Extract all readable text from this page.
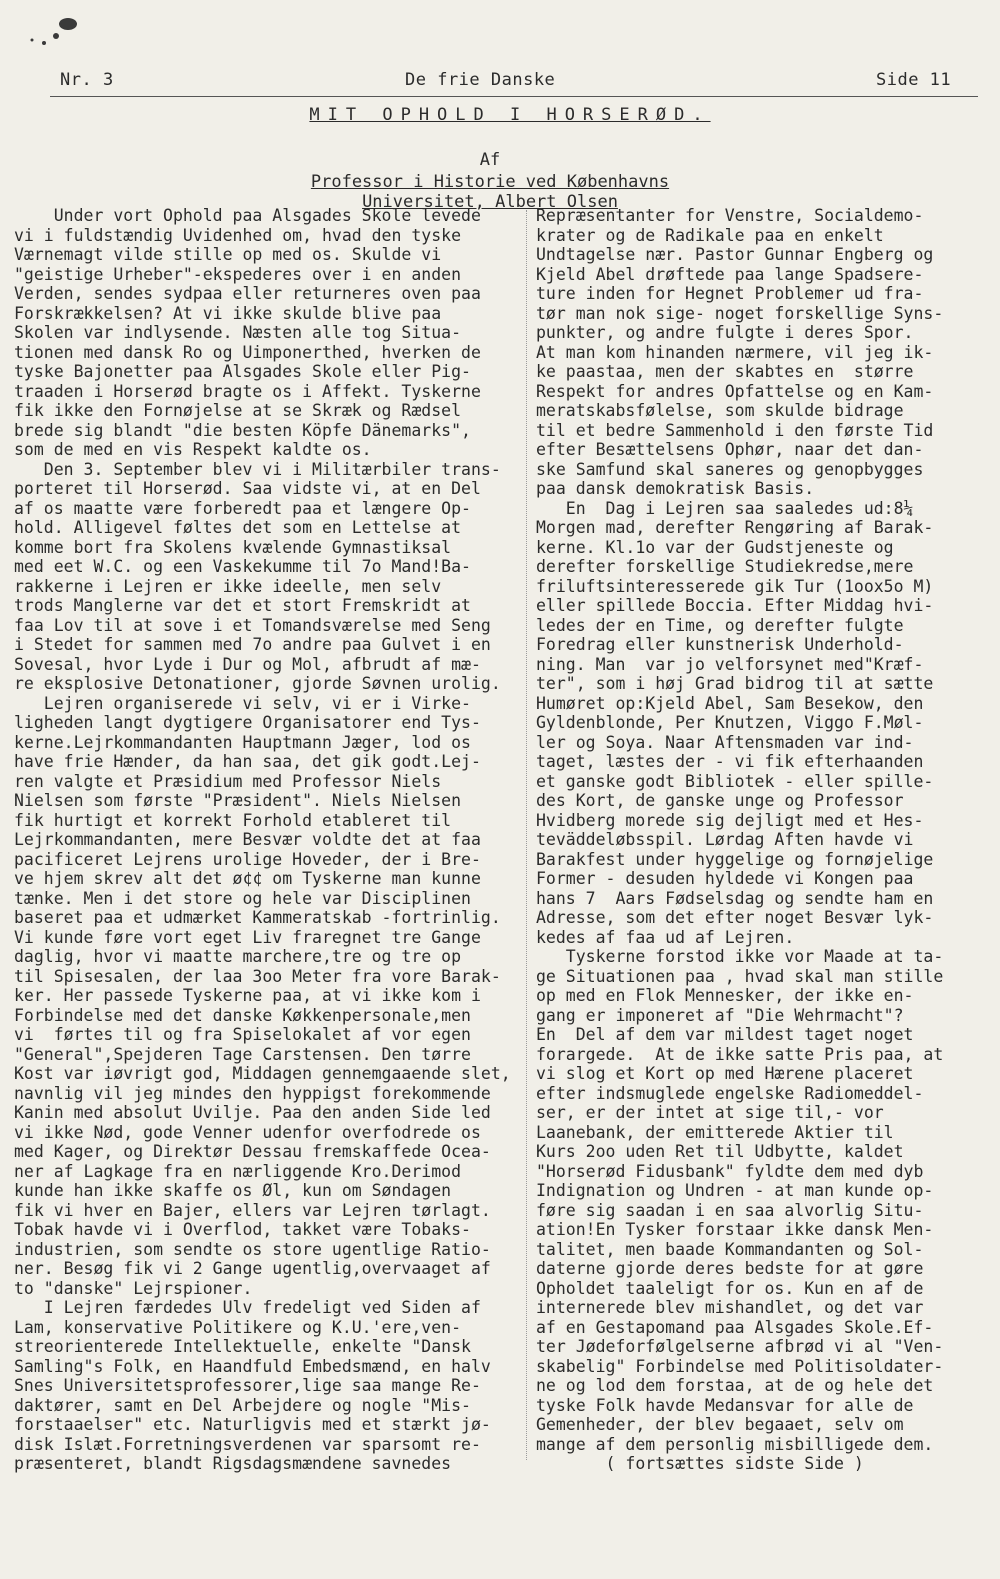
Nr. 3	De frie Danske	Side 11
MIT OPHOLD I HORSERØD.
Af
Professor i Historie ved Københavns
Universitet, Albert Olsen
Under vort Ophold paa Alsgades Skole levede
vi i fuldstændig Uvidenhed om, hvad den tyske
Værnemagt vilde stille op med os. Skulde vi
"geistige Urheber"-ekspederes over i en anden
Verden, sendes sydpaa eller returneres oven paa
Forskrækkelsen? At vi ikke skulde blive paa
Skolen var indlysende. Næsten alle tog Situa-
tionen med dansk Ro og Uimponerthed, hverken de
tyske Bajonetter paa Alsgades Skole eller Pig-
traaden i Horserød bragte os i Affekt. Tyskerne
fik ikke den Fornøjelse at se Skræk og Rædsel
brede sig blandt "die besten Köpfe Dänemarks",
som de med en vis Respekt kaldte os.
Den 3. September blev vi i Militærbiler trans-
porteret til Horserød. Saa vidste vi, at en Del
af os maatte være forberedt paa et længere Op-
hold. Alligevel føltes det som en Lettelse at
komme bort fra Skolens kvælende Gymnastiksal
med eet W.C. og een Vaskekumme til 7o Mand!Ba-
rakkerne i Lejren er ikke ideelle, men selv
trods Manglerne var det et stort Fremskridt at
faa Lov til at sove i et Tomandsværelse med Seng
i Stedet for sammen med 7o andre paa Gulvet i en
Sovesal, hvor Lyde i Dur og Mol, afbrudt af mæ-
re eksplosive Detonationer, gjorde Søvnen urolig.
Lejren organiserede vi selv, vi er i Virke-
ligheden langt dygtigere Organisatorer end Tys-
kerne.Lejrkommandanten Hauptmann Jæger, lod os
have frie Hænder, da han saa, det gik godt.Lej-
ren valgte et Præsidium med Professor Niels
Nielsen som første "Præsident". Niels Nielsen
fik hurtigt et korrekt Forhold etableret til
Lejrkommandanten, mere Besvær voldte det at faa
pacificeret Lejrens urolige Hoveder, der i Bre-
ve hjem skrev alt det ø¢¢ om Tyskerne man kunne
tænke. Men i det store og hele var Disciplinen
baseret paa et udmærket Kammeratskab -fortrinlig.
Vi kunde føre vort eget Liv fraregnet tre Gange
daglig, hvor vi maatte marchere,tre og tre op
til Spisesalen, der laa 3oo Meter fra vore Barak-
ker. Her passede Tyskerne paa, at vi ikke kom i
Forbindelse med det danske Køkkenpersonale,men
vi  førtes til og fra Spiselokalet af vor egen
"General",Spejderen Tage Carstensen. Den tørre
Kost var iøvrigt god, Middagen gennemgaaende slet,
navnlig vil jeg mindes den hyppigst forekommende
Kanin med absolut Uvilje. Paa den anden Side led
vi ikke Nød, gode Venner udenfor overfodrede os
med Kager, og Direktør Dessau fremskaffede Ocea-
ner af Lagkage fra en nærliggende Kro.Derimod
kunde han ikke skaffe os Øl, kun om Søndagen
fik vi hver en Bajer, ellers var Lejren tørlagt.
Tobak havde vi i Overflod, takket være Tobaks-
industrien, som sendte os store ugentlige Ratio-
ner. Besøg fik vi 2 Gange ugentlig,overvaaget af
to "danske" Lejrspioner.
I Lejren færdedes Ulv fredeligt ved Siden af
Lam, konservative Politikere og K.U.'ere,ven-
streorienterede Intellektuelle, enkelte "Dansk
Samling"s Folk, en Haandfuld Embedsmænd, en halv
Snes Universitetsprofessorer,lige saa mange Re-
daktører, samt en Del Arbejdere og nogle "Mis-
forstaaelser" etc. Naturligvis med et stærkt jø-
disk Islæt.Forretningsverdenen var sparsomt re-
præsenteret, blandt Rigsdagsmændene savnedes
Repræsentanter for Venstre, Socialdemo-
krater og de Radikale paa en enkelt
Undtagelse nær. Pastor Gunnar Engberg og
Kjeld Abel drøftede paa lange Spadsere-
ture inden for Hegnet Problemer ud fra-
tør man nok sige- noget forskellige Syns-
punkter, og andre fulgte i deres Spor.
At man kom hinanden nærmere, vil jeg ik-
ke paastaa, men der skabtes en  større
Respekt for andres Opfattelse og en Kam-
meratskabsfølelse, som skulde bidrage
til et bedre Sammenhold i den første Tid
efter Besættelsens Ophør, naar det dan-
ske Samfund skal saneres og genopbygges
paa dansk demokratisk Basis.
En  Dag i Lejren saa saaledes ud:8¼
Morgen mad, derefter Rengøring af Barak-
kerne. Kl.1o var der Gudstjeneste og
derefter forskellige Studiekredse,mere
friluftsinteresserede gik Tur (1ooх5o M)
eller spillede Boccia. Efter Middag hvi-
ledes der en Time, og derefter fulgte
Foredrag eller kunstnerisk Underhold-
ning. Man  var jo velforsynet med"Kræf-
ter", som i høj Grad bidrog til at sætte
Humøret op:Kjeld Abel, Sam Besekow, den
Gyldenblonde, Per Knutzen, Viggo F.Møl-
ler og Soya. Naar Aftensmaden var ind-
taget, læstes der - vi fik efterhaanden
et ganske godt Bibliotek - eller spille-
des Kort, de ganske unge og Professor
Hvidberg morede sig dejligt med et Hes-
teväddeløbsspil. Lørdag Aften havde vi
Barakfest under hyggelige og fornøjelige
Former - desuden hyldede vi Kongen paa
hans 7  Aars Fødselsdag og sendte ham en
Adresse, som det efter noget Besvær lyk-
kedes af faa ud af Lejren.
Tyskerne forstod ikke vor Maade at ta-
ge Situationen paa , hvad skal man stille
op med en Flok Mennesker, der ikke en-
gang er imponeret af "Die Wehrmacht"?
En  Del af dem var mildest taget noget
forargede.  At de ikke satte Pris paa, at
vi slog et Kort op med Hærene placeret
efter indsmuglede engelske Radiomeddel-
ser, er der intet at sige til,- vor
Laanebank, der emitterede Aktier til
Kurs 2oo uden Ret til Udbytte, kaldet
"Horserød Fidusbank" fyldte dem med dyb
Indignation og Undren - at man kunde op-
føre sig saadan i en saa alvorlig Situ-
ation!En Tysker forstaar ikke dansk Men-
talitet, men baade Kommandanten og Sol-
daterne gjorde deres bedste for at gøre
Opholdet taaleligt for os. Kun en af de
internerede blev mishandlet, og det var
af en Gestapomand paa Alsgades Skole.Ef-
ter Jødeforfølgelserne afbrød vi al "Ven-
skabelig" Forbindelse med Politisoldater-
ne og lod dem forstaa, at de og hele det
tyske Folk havde Medansvar for alle de
Gemenheder, der blev begaaet, selv om
mange af dem personlig misbilligede dem.
( fortsættes sidste Side )
